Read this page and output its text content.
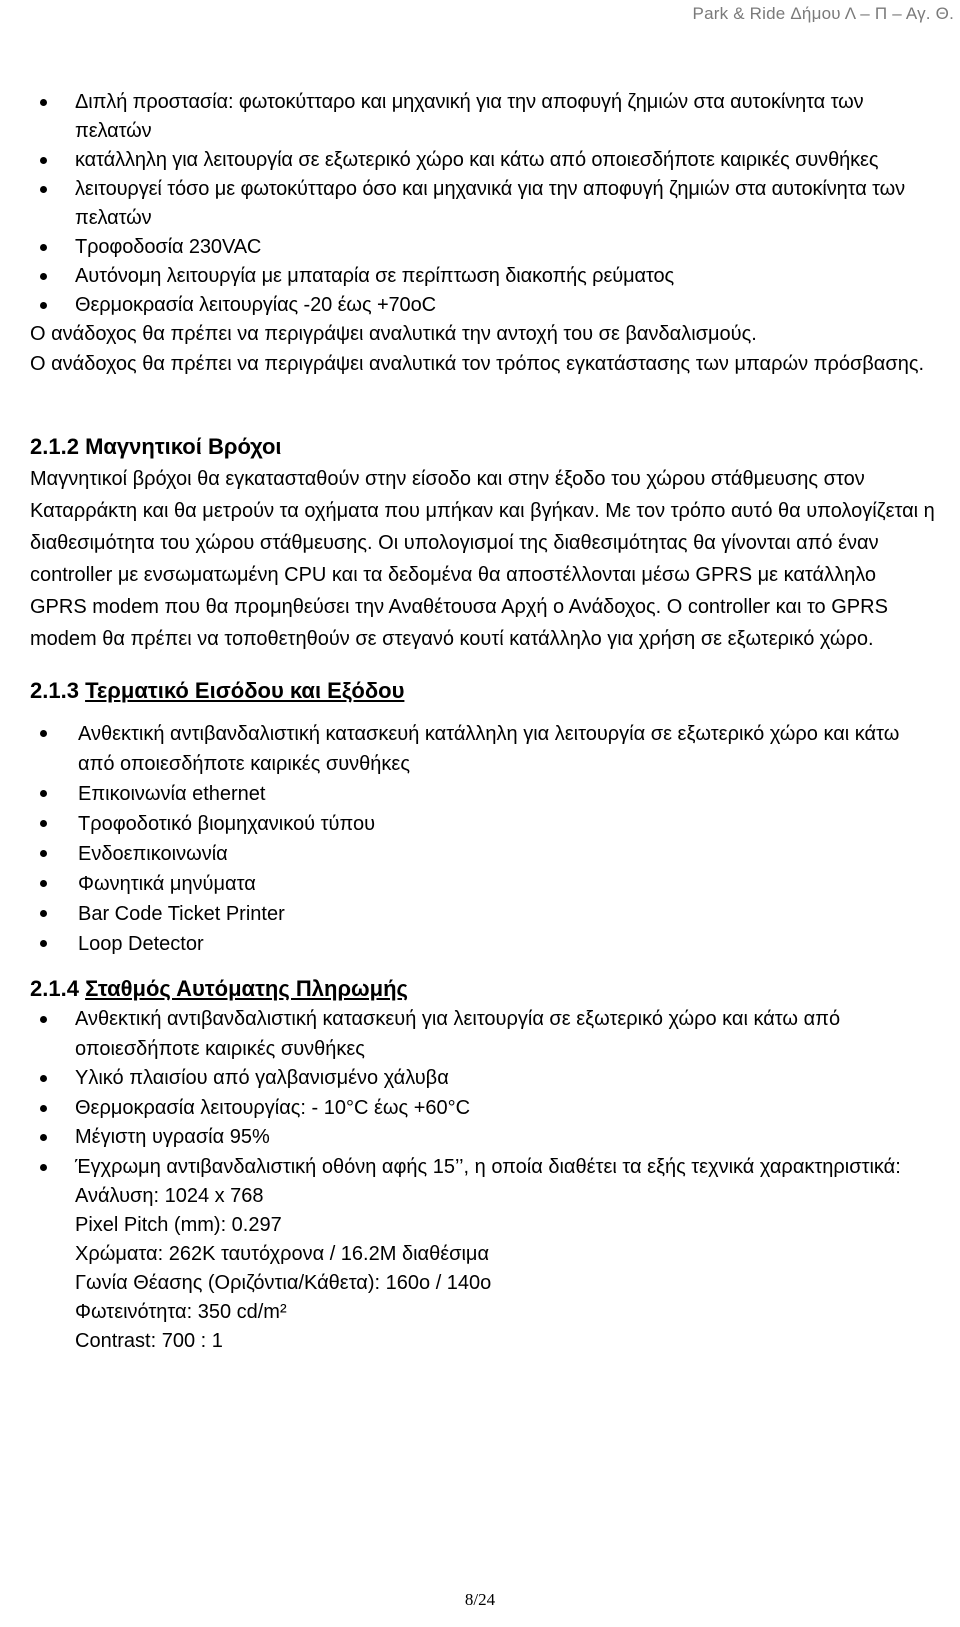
Park & Ride Δήμου Λ – Π – Αγ. Θ.
Διπλή προστασία: φωτοκύτταρο και μηχανική για την αποφυγή ζημιών στα αυτοκίνητα των πελατών
κατάλληλη για λειτουργία σε εξωτερικό χώρο και κάτω από οποιεσδήποτε καιρικές συνθήκες
λειτουργεί τόσο με φωτοκύτταρο όσο και μηχανικά για την αποφυγή ζημιών στα αυτοκίνητα των πελατών
Τροφοδοσία 230VAC
Αυτόνομη λειτουργία με μπαταρία σε περίπτωση διακοπής ρεύματος
Θερμοκρασία λειτουργίας -20 έως +70οC

Ο ανάδοχος θα πρέπει να περιγράψει αναλυτικά την αντοχή του σε βανδαλισμούς.

Ο ανάδοχος θα πρέπει να περιγράψει αναλυτικά τον τρόπος εγκατάστασης των μπαρών πρόσβασης.

2.1.2 Μαγνητικοί Βρόχοι

Μαγνητικοί βρόχοι θα εγκατασταθούν στην είσοδο και στην έξοδο του χώρου στάθμευσης στον Καταρράκτη και θα μετρούν τα οχήματα που μπήκαν και βγήκαν. Με τον τρόπο αυτό θα υπολογίζεται η διαθεσιμότητα του χώρου στάθμευσης. Οι υπολογισμοί της διαθεσιμότητας θα γίνονται από έναν controller με ενσωματωμένη CPU και τα δεδομένα θα αποστέλλονται μέσω GPRS με κατάλληλο GPRS modem που θα προμηθεύσει την Αναθέτουσα Αρχή ο Ανάδοχος. Ο controller και το GPRS modem θα πρέπει να τοποθετηθούν σε στεγανό κουτί κατάλληλο για χρήση σε εξωτερικό χώρο.

2.1.3 Τερματικό Εισόδου και Εξόδου
Ανθεκτική αντιβανδαλιστική κατασκευή κατάλληλη για λειτουργία σε εξωτερικό χώρο και κάτω από οποιεσδήποτε καιρικές συνθήκες
Επικοινωνία ethernet
Τροφοδοτικό βιομηχανικού τύπου
Ενδοεπικοινωνία
Φωνητικά μηνύματα
Bar Code Ticket Printer
Loop Detector
2.1.4 Σταθμός Αυτόματης Πληρωμής
Ανθεκτική αντιβανδαλιστική κατασκευή για λειτουργία σε εξωτερικό χώρο και κάτω από οποιεσδήποτε καιρικές συνθήκες
Υλικό πλαισίου από γαλβανισμένο χάλυβα
Θερμοκρασία λειτουργίας: - 10°C έως +60°C
Μέγιστη υγρασία 95%
Έγχρωμη αντιβανδαλιστική οθόνη αφής 15’’, η οποία διαθέτει τα εξής τεχνικά χαρακτηριστικά:
Ανάλυση: 1024 x 768
Pixel Pitch (mm): 0.297
Χρώματα: 262K ταυτόχρονα / 16.2M διαθέσιμα
Γωνία Θέασης (Οριζόντια/Κάθετα): 160ο / 140ο
Φωτεινότητα: 350 cd/m²
Contrast: 700 : 1
8/24
